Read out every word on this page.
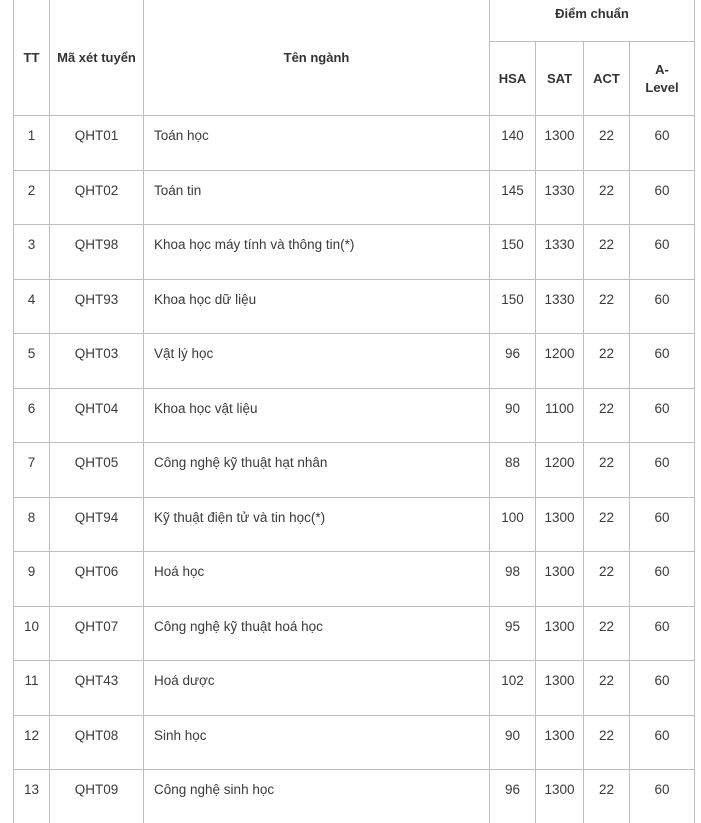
TT	Mã xét tuyển	Tên ngành	Điểm chuẩn			
			HSA	SAT	ACT	A-Level
1	QHT01	Toán học	140	1300	22	60
2	QHT02	Toán tin	145	1330	22	60
3	QHT98	Khoa học máy tính và thông tin(*)	150	1330	22	60
4	QHT93	Khoa học dữ liệu	150	1330	22	60
5	QHT03	Vật lý học	96	1200	22	60
6	QHT04	Khoa học vật liệu	90	1100	22	60
7	QHT05	Công nghệ kỹ thuật hạt nhân	88	1200	22	60
8	QHT94	Kỹ thuật điện tử và tin học(*)	100	1300	22	60
9	QHT06	Hoá học	98	1300	22	60
10	QHT07	Công nghệ kỹ thuật hoá học	95	1300	22	60
11	QHT43	Hoá dược	102	1300	22	60
12	QHT08	Sinh học	90	1300	22	60
13	QHT09	Công nghệ sinh học	96	1300	22	60
